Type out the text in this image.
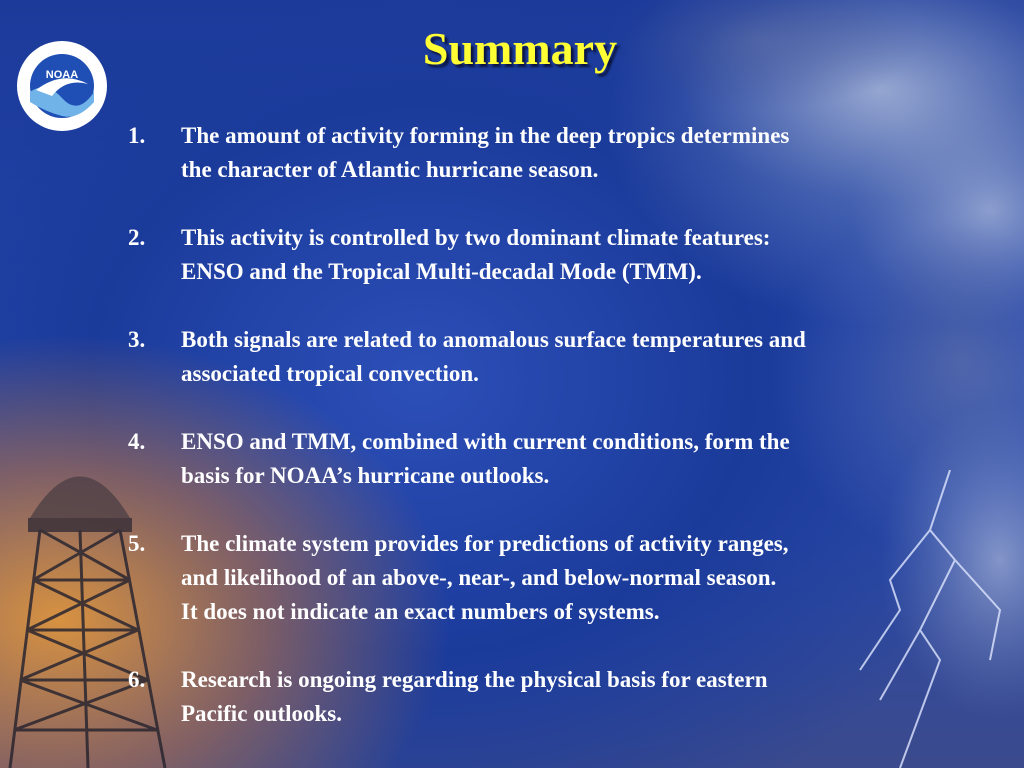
NOAA
Summary
1.	The amount of activity forming in the deep tropics determines
the character of Atlantic hurricane season.
2.	This activity is controlled by two dominant climate features:
ENSO and the Tropical Multi-decadal Mode (TMM).
3.	Both signals are related to anomalous surface temperatures and
associated tropical convection.
4.	ENSO and TMM, combined with current conditions, form the
basis for NOAA’s hurricane outlooks.
5.	The climate system provides for predictions of activity ranges,
and likelihood of an above-, near-, and below-normal season.
It does not indicate an exact numbers of systems.
6.	Research is ongoing regarding the physical basis for eastern
Pacific outlooks.
